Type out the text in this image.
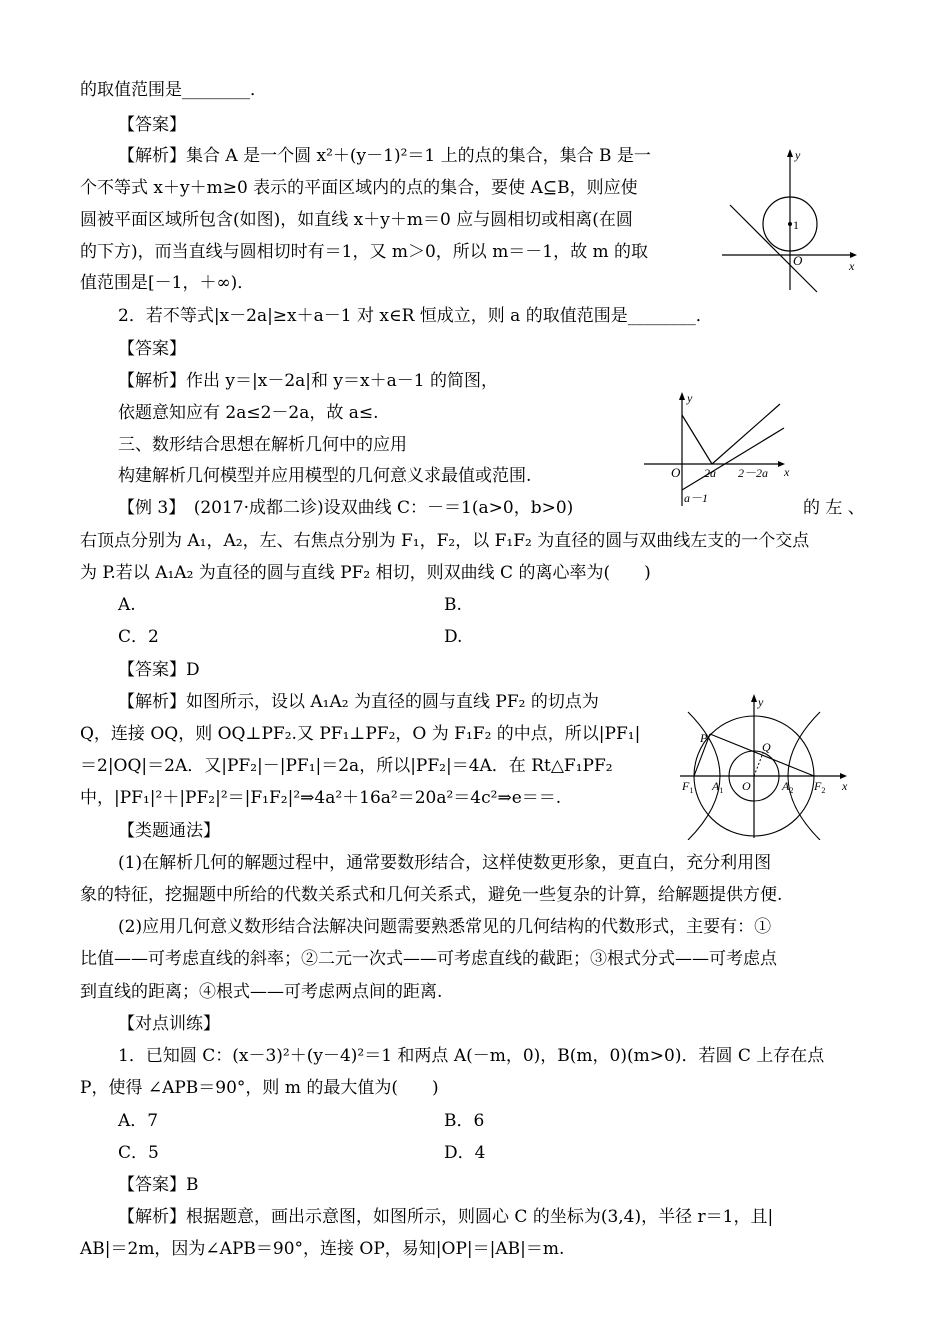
的取值范围是________．
【答案】
【解析】集合 A 是一个圆 x²＋(y－1)²＝1 上的点的集合，集合 B 是一
个不等式 x＋y＋m≥0 表示的平面区域内的点的集合，要使 A⊆B，则应使
圆被平面区域所包含(如图)，如直线 x＋y＋m＝0 应与圆相切或相离(在圆
的下方)，而当直线与圆相切时有＝1，又 m＞0，所以 m＝－1，故 m 的取
值范围是[－1，＋∞)．
2．若不等式|x－2a|≥x＋a－1 对 x∈R 恒成立，则 a 的取值范围是________．
【答案】
【解析】作出 y＝|x－2a|和 y＝x＋a－1 的简图，
依题意知应有 2a≤2－2a，故 a≤.
三、数形结合思想在解析几何中的应用
构建解析几何模型并应用模型的几何意义求最值或范围.
【例 3】　(2017·成都二诊)设双曲线 C：－＝1(a>0，b>0)	的 左 、
右顶点分别为 A₁，A₂，左、右焦点分别为 F₁，F₂，以 F₁F₂ 为直径的圆与双曲线左支的一个交点
为 P.若以 A₁A₂ 为直径的圆与直线 PF₂ 相切，则双曲线 C 的离心率为(　　)
A.	B.
C．2	D.
【答案】D
【解析】如图所示，设以 A₁A₂ 为直径的圆与直线 PF₂ 的切点为
Q，连接 OQ，则 OQ⊥PF₂.又 PF₁⊥PF₂，O 为 F₁F₂ 的中点，所以|PF₁|
＝2|OQ|＝2A．又|PF₂|－|PF₁|＝2a，所以|PF₂|＝4A．在 Rt△F₁PF₂
中，|PF₁|²＋|PF₂|²＝|F₁F₂|²⇒4a²＋16a²＝20a²＝4c²⇒e＝＝.
【类题通法】
(1)在解析几何的解题过程中，通常要数形结合，这样使数更形象，更直白，充分利用图
象的特征，挖掘题中所给的代数关系式和几何关系式，避免一些复杂的计算，给解题提供方便.
(2)应用几何意义数形结合法解决问题需要熟悉常见的几何结构的代数形式，主要有：①
比值——可考虑直线的斜率；②二元一次式——可考虑直线的截距；③根式分式——可考虑点
到直线的距离；④根式——可考虑两点间的距离.
【对点训练】
1．已知圆 C：(x－3)²＋(y－4)²＝1 和两点 A(－m，0)，B(m，0)(m>0)．若圆 C 上存在点
P，使得 ∠APB＝90°，则 m 的最大值为(　　)
A．7	B．6
C．5	D．4
【答案】B
【解析】根据题意，画出示意图，如图所示，则圆心 C 的坐标为(3,4)，半径 r＝1，且|
AB|＝2m，因为∠APB＝90°，连接 OP，易知|OP|＝|AB|＝m.
x
y
O
1
x
y
O 2a 2－2a
a－1
P
Q
y
x
O
$F_1$ $A_1$	$A_2$ $F_2$
